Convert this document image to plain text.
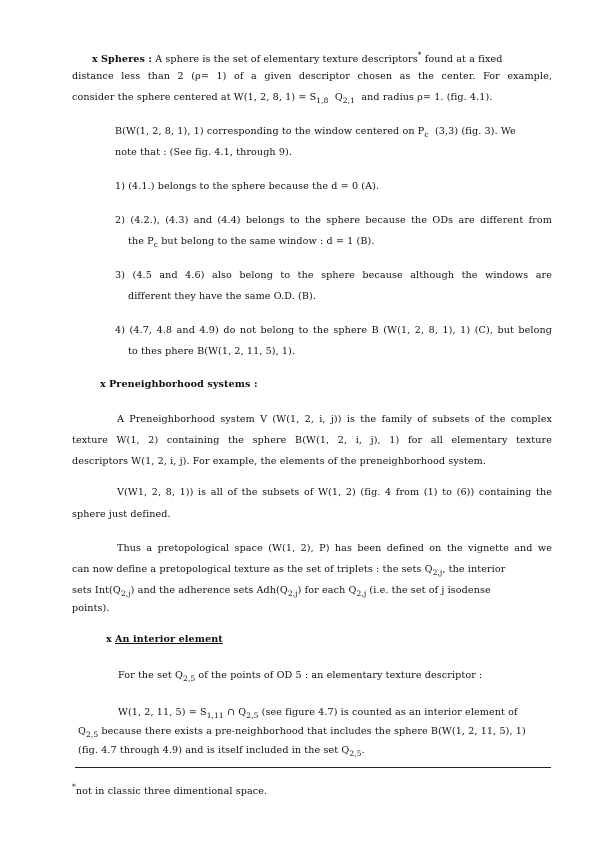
x Spheres : A sphere is the set of elementary texture descriptors* found at a fixed
distance less than 2 (ρ= 1) of a given descriptor chosen as the center. For example,
consider the sphere centered at W(1, 2, 8, $1) = S_{1,8}$  $Q_{2,1}$ and radius ρ= 1. (fig. 4.1).
B(W(1, 2, 8, 1), 1) corresponding to the window centered on $P_c$ (3,3) (fig. 3). We
note that : (See fig. 4.1, through 9).
1) (4.1.) belongs to the sphere because the d = 0 (A).
2) (4.2.), (4.3) and (4.4) belongs to the sphere because the ODs are different from
the $P_c$ but belong to the same window : d = 1 (B).
3) (4.5 and 4.6) also belong to the sphere because although the windows are
different they have the same O.D. (B).
4) (4.7, 4.8 and 4.9) do not belong to the sphere B (W(1, 2, 8, 1), 1) (C), but belong
to thes phere B(W(1, 2, 11, 5), 1).
x Preneighborhood systems :
A Preneighborhood system V (W(1, 2, i, j)) is the family of subsets of the complex
texture W(1, 2) containing the sphere B(W(1, 2, i, j), 1) for all elementary texture
descriptors W(1, 2, i, j). For example, the elements of the preneighborhood system.
V(W1, 2, 8, 1)) is all of the subsets of W(1, 2) (fig. 4 from (1) to (6)) containing the
sphere just defined.
Thus a pretopological space (W(1, 2), P) has been defined on the vignette and we
can now define a pretopological texture as the set of triplets : the sets $Q_{2,j}$, the interior
sets $Int(Q_{2,j})$ and the adherence sets $Adh(Q_{2,j})$ for each $Q_{2,j}$ (i.e. the set of j isodense
points).
x An interior element
For the set $Q_{2,5}$ of the points of OD 5 : an elementary texture descriptor :
W(1, 2, 11, $5) = S_{1,11}$ ∩ $Q_{2,5}$ (see figure 4.7) is counted as an interior element of
$Q_{2,5}$ because there exists a pre-neighborhood that includes the sphere B(W(1, 2, 11, 5), 1)
(fig. 4.7 through 4.9) and is itself included in the set $Q_{2,5}$.
*not in classic three dimentional space.
